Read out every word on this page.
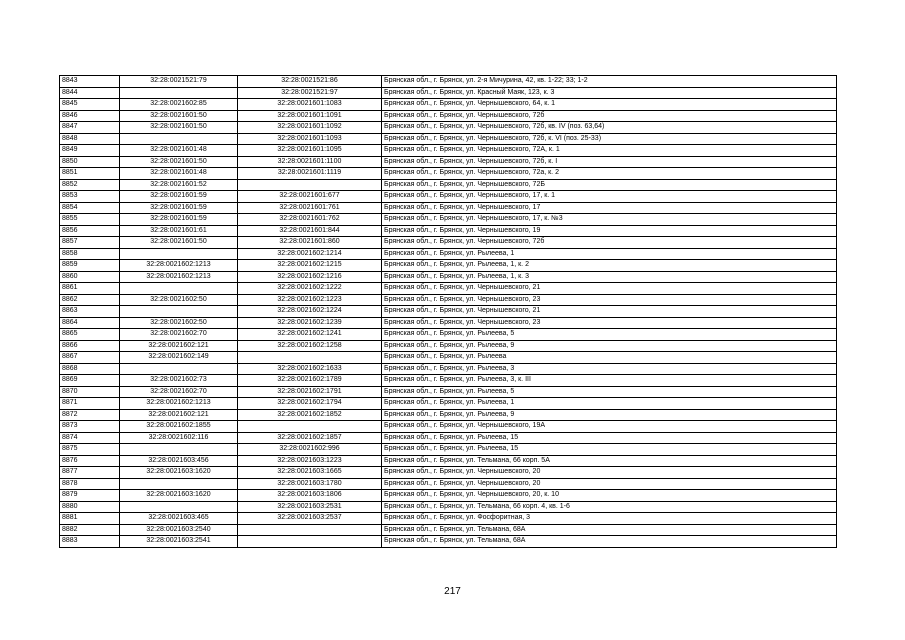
8843	32:28:0021521:79	32:28:0021521:86	Брянская обл., г. Брянск, ул. 2-я Мичурина, 42, кв. 1-22; 33; 1-2
8844		32:28:0021521:97	Брянская обл., г. Брянск, ул. Красный Маяк, 123, к. 3
8845	32:28:0021602:85	32:28:0021601:1083	Брянская обл., г. Брянск, ул. Чернышевского, 64, к. 1
8846	32:28:0021601:50	32:28:0021601:1091	Брянская обл., г. Брянск, ул. Чернышевского, 72б
8847	32:28:0021601:50	32:28:0021601:1092	Брянская обл., г. Брянск, ул. Чернышевского, 72б, кв. IV (поз. 63,64)
8848		32:28:0021601:1093	Брянская обл., г. Брянск, ул. Чернышевского, 72б, к. VI (поз. 25-33)
8849	32:28:0021601:48	32:28:0021601:1095	Брянская обл., г. Брянск, ул. Чернышевского, 72А, к. 1
8850	32:28:0021601:50	32:28:0021601:1100	Брянская обл., г. Брянск, ул. Чернышевского, 72б, к. I
8851	32:28:0021601:48	32:28:0021601:1119	Брянская обл., г. Брянск, ул. Чернышевского, 72а, к. 2
8852	32:28:0021601:52		Брянская обл., г. Брянск, ул. Чернышевского, 72Б
8853	32:28:0021601:59	32:28:0021601:677	Брянская обл., г. Брянск, ул. Чернышевского, 17, к. 1
8854	32:28:0021601:59	32:28:0021601:761	Брянская обл., г. Брянск, ул. Чернышевского, 17
8855	32:28:0021601:59	32:28:0021601:762	Брянская обл., г. Брянск, ул. Чернышевского, 17, к. №3
8856	32:28:0021601:61	32:28:0021601:844	Брянская обл., г. Брянск, ул. Чернышевского, 19
8857	32:28:0021601:50	32:28:0021601:860	Брянская обл., г. Брянск, ул. Чернышевского, 72б
8858		32:28:0021602:1214	Брянская обл., г. Брянск, ул. Рылеева, 1
8859	32:28:0021602:1213	32:28:0021602:1215	Брянская обл., г. Брянск, ул. Рылеева, 1, к. 2
8860	32:28:0021602:1213	32:28:0021602:1216	Брянская обл., г. Брянск, ул. Рылеева, 1, к. 3
8861		32:28:0021602:1222	Брянская обл., г. Брянск, ул. Чернышевского, 21
8862	32:28:0021602:50	32:28:0021602:1223	Брянская обл., г. Брянск, ул. Чернышевского, 23
8863		32:28:0021602:1224	Брянская обл., г. Брянск, ул. Чернышевского, 21
8864	32:28:0021602:50	32:28:0021602:1239	Брянская обл., г. Брянск, ул. Чернышевского, 23
8865	32:28:0021602:70	32:28:0021602:1241	Брянская обл., г. Брянск, ул. Рылеева, 5
8866	32:28:0021602:121	32:28:0021602:1258	Брянская обл., г. Брянск, ул. Рылеева, 9
8867	32:28:0021602:149		Брянская обл., г. Брянск, ул. Рылеева
8868		32:28:0021602:1633	Брянская обл., г. Брянск, ул. Рылеева, 3
8869	32:28:0021602:73	32:28:0021602:1789	Брянская обл., г. Брянск, ул. Рылеева, 3, к. III
8870	32:28:0021602:70	32:28:0021602:1791	Брянская обл., г. Брянск, ул. Рылеева, 5
8871	32:28:0021602:1213	32:28:0021602:1794	Брянская обл., г. Брянск, ул. Рылеева, 1
8872	32:28:0021602:121	32:28:0021602:1852	Брянская обл., г. Брянск, ул. Рылеева, 9
8873	32:28:0021602:1855		Брянская обл., г. Брянск, ул. Чернышевского, 19А
8874	32:28:0021602:116	32:28:0021602:1857	Брянская обл., г. Брянск, ул. Рылеева, 15
8875		32:28:0021602:996	Брянская обл., г. Брянск, ул. Рылеева, 15
8876	32:28:0021603:456	32:28:0021603:1223	Брянская обл., г. Брянск, ул. Тельмана, 66 корп. 5А
8877	32:28:0021603:1620	32:28:0021603:1665	Брянская обл., г. Брянск, ул. Чернышевского, 20
8878		32:28:0021603:1780	Брянская обл., г. Брянск, ул. Чернышевского, 20
8879	32:28:0021603:1620	32:28:0021603:1806	Брянская обл., г. Брянск, ул. Чернышевского, 20, к. 10
8880		32:28:0021603:2531	Брянская обл., г. Брянск, ул. Тельмана, 66 корп. 4, кв. 1-6
8881	32:28:0021603:465	32:28:0021603:2537	Брянская обл., г. Брянск, ул. Фосфоритная, 3
8882	32:28:0021603:2540		Брянская обл., г. Брянск, ул. Тельмана, 68А
8883	32:28:0021603:2541		Брянская обл., г. Брянск, ул. Тельмана, 68А
217
